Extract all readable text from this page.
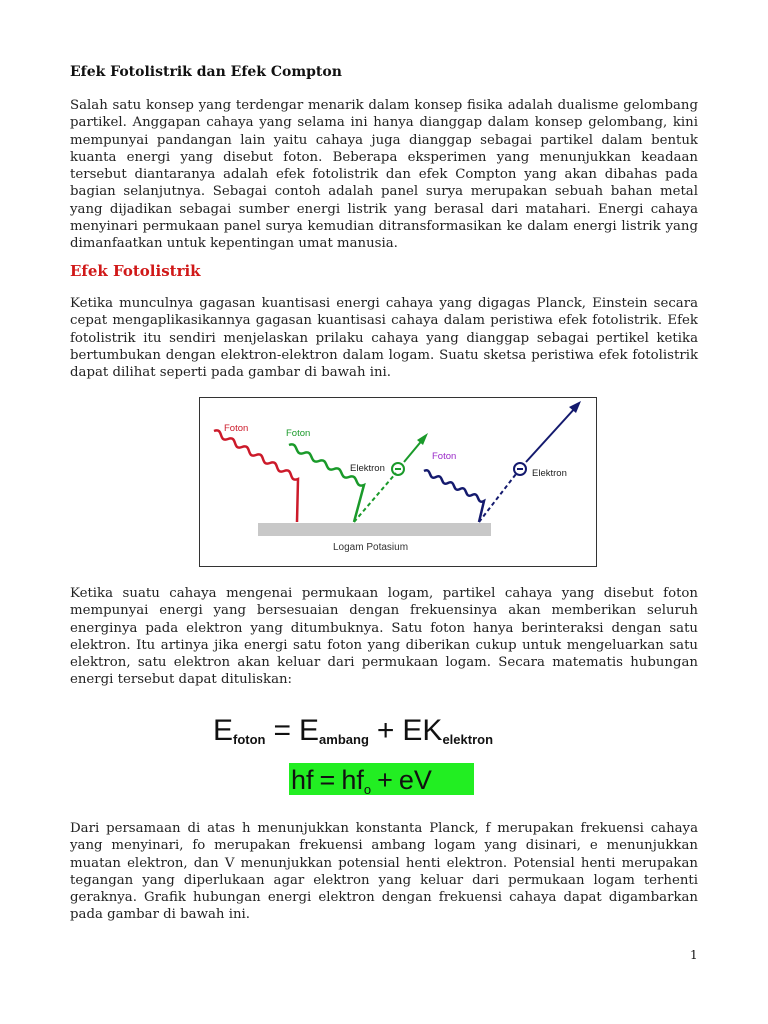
Efek Fotolistrik dan Efek Compton

Salah satu konsep yang terdengar menarik dalam konsep fisika adalah dualisme gelombang partikel. Anggapan cahaya yang selama ini hanya dianggap dalam konsep gelombang, kini mempunyai pandangan lain yaitu cahaya juga dianggap sebagai partikel dalam bentuk kuanta energi yang disebut foton. Beberapa eksperimen yang menunjukkan keadaan tersebut diantaranya adalah efek fotolistrik dan efek Compton yang akan dibahas pada bagian selanjutnya. Sebagai contoh adalah panel surya merupakan sebuah bahan metal yang dijadikan sebagai sumber energi listrik yang berasal dari matahari. Energi cahaya menyinari permukaan panel surya kemudian ditransformasikan ke dalam energi listrik yang dimanfaatkan untuk kepentingan umat manusia.

Efek Fotolistrik

Ketika munculnya gagasan kuantisasi energi cahaya yang digagas Planck, Einstein secara cepat mengaplikasikannya gagasan kuantisasi cahaya dalam peristiwa efek fotolistrik. Efek fotolistrik itu sendiri menjelaskan prilaku cahaya yang dianggap sebagai pertikel ketika bertumbukan dengan elektron-elektron dalam logam. Suatu sketsa peristiwa efek fotolistrik dapat dilihat seperti pada gambar di bawah ini.

Logam Potasium
Foton	Foton
Elektron
Foton
Elektron

Ketika suatu cahaya mengenai permukaan logam, partikel cahaya yang disebut foton mempunyai energi yang bersesuaian dengan frekuensinya akan memberikan seluruh energinya pada elektron yang ditumbuknya. Satu foton hanya berinteraksi dengan satu elektron. Itu artinya jika energi satu foton yang diberikan cukup untuk mengeluarkan satu elektron, satu elektron akan keluar dari permukaan logam. Secara matematis hubungan energi tersebut dapat dituliskan:

Efoton = Eambang + EKelektron
hf = hfo + eV

Dari persamaan di atas h menunjukkan konstanta Planck, f merupakan frekuensi cahaya yang menyinari, fo merupakan frekuensi ambang logam yang disinari, e menunjukkan muatan elektron, dan V menunjukkan potensial henti elektron. Potensial henti merupakan tegangan yang diperlukaan agar elektron yang keluar dari permukaan logam terhenti geraknya. Grafik hubungan energi elektron dengan frekuensi cahaya dapat digambarkan pada gambar di bawah ini.

1
